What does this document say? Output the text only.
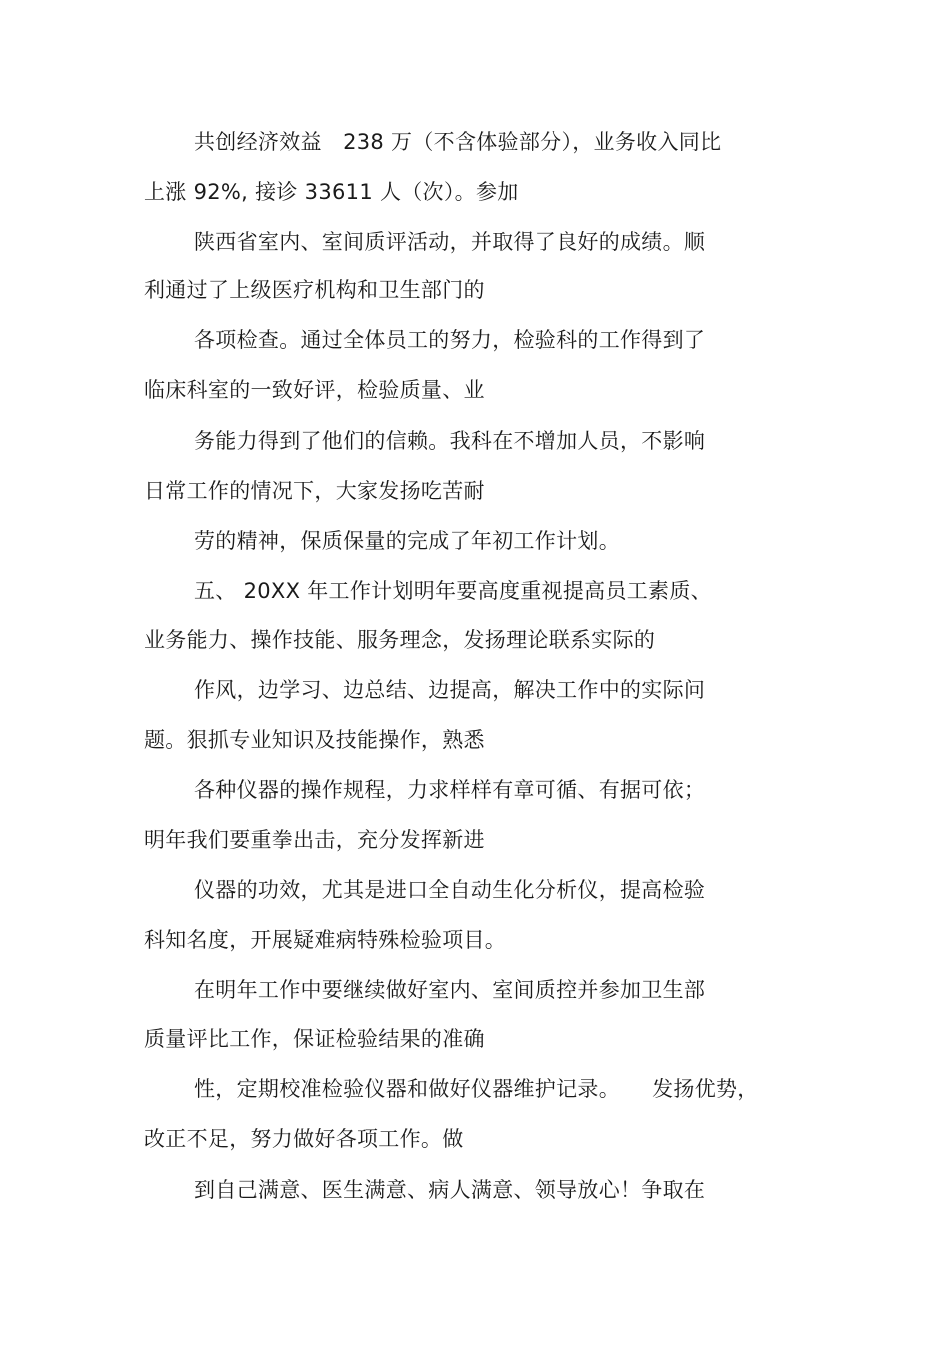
共创经济效益　238 万（不含体验部分），业务收入同比
上涨 92%, 接诊 33611 人（次）。参加
陕西省室内、室间质评活动，并取得了良好的成绩。顺
利通过了上级医疗机构和卫生部门的
各项检查。通过全体员工的努力，检验科的工作得到了
临床科室的一致好评，检验质量、业
务能力得到了他们的信赖。我科在不增加人员，不影响
日常工作的情况下，大家发扬吃苦耐
劳的精神，保质保量的完成了年初工作计划。
五、 20XX 年工作计划明年要高度重视提高员工素质、
业务能力、操作技能、服务理念，发扬理论联系实际的
作风，边学习、边总结、边提高，解决工作中的实际问
题。狠抓专业知识及技能操作，熟悉
各种仪器的操作规程，力求样样有章可循、有据可依；
明年我们要重拳出击，充分发挥新进
仪器的功效，尤其是进口全自动生化分析仪，提高检验
科知名度，开展疑难病特殊检验项目。
在明年工作中要继续做好室内、室间质控并参加卫生部
质量评比工作，保证检验结果的准确
性，定期校准检验仪器和做好仪器维护记录。　　发扬优势，
改正不足，努力做好各项工作。做
到自己满意、医生满意、病人满意、领导放心！争取在
